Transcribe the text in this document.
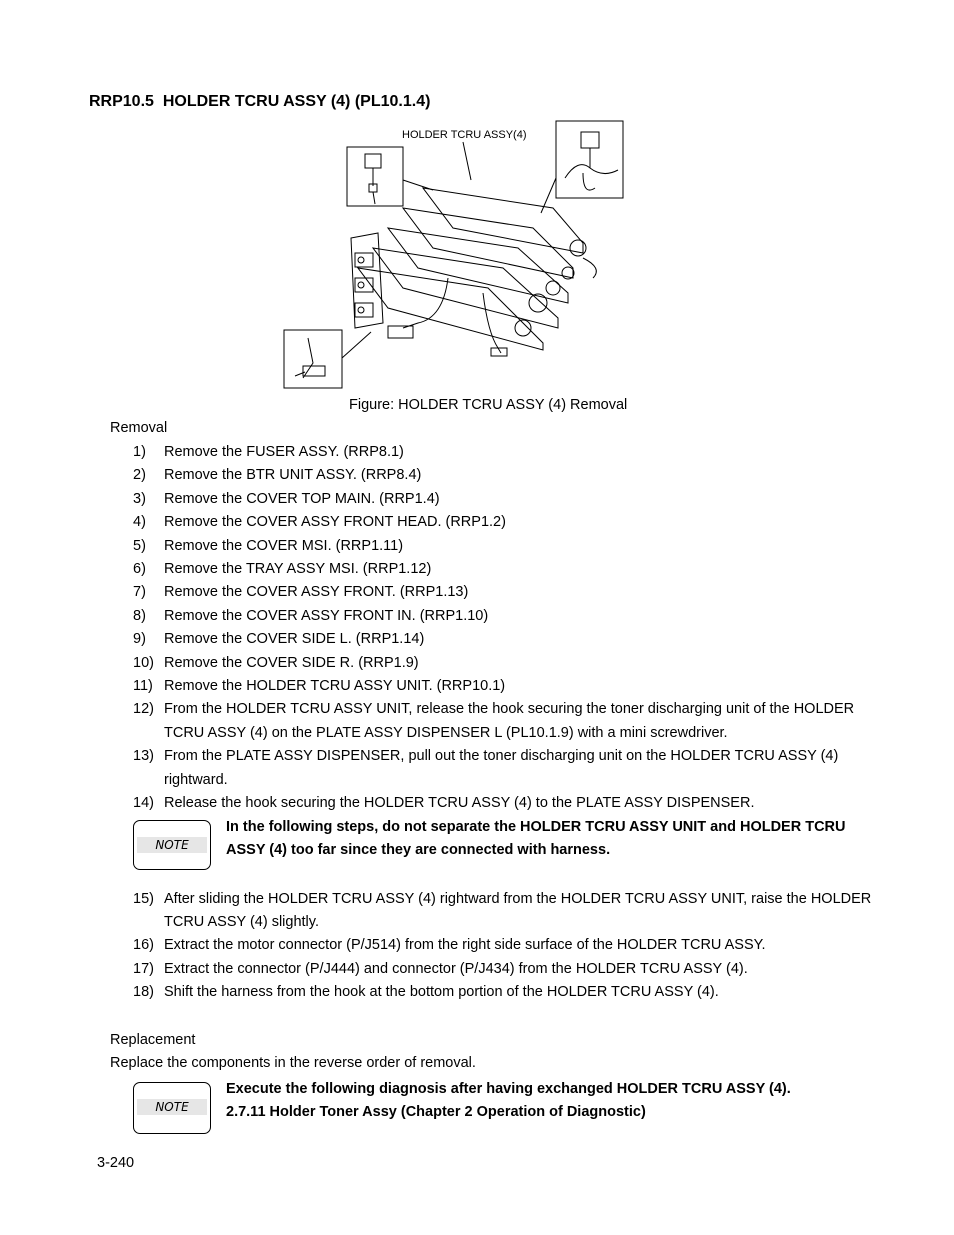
RRP10.5  HOLDER TCRU ASSY (4) (PL10.1.4)
HOLDER TCRU ASSY(4)
Figure: HOLDER TCRU ASSY (4) Removal
Removal
1) Remove the FUSER ASSY. (RRP8.1)
2) Remove the BTR UNIT ASSY. (RRP8.4)
3) Remove the COVER TOP MAIN. (RRP1.4)
4) Remove the COVER ASSY FRONT HEAD. (RRP1.2)
5) Remove the COVER MSI. (RRP1.11)
6) Remove the TRAY ASSY MSI. (RRP1.12)
7) Remove the COVER ASSY FRONT. (RRP1.13)
8) Remove the COVER ASSY FRONT IN. (RRP1.10)
9) Remove the COVER SIDE L. (RRP1.14)
10) Remove the COVER SIDE R. (RRP1.9)
11) Remove the HOLDER TCRU ASSY UNIT. (RRP10.1)
12) From the HOLDER TCRU ASSY UNIT, release the hook securing the toner discharging unit of the HOLDER TCRU ASSY (4) on the PLATE ASSY DISPENSER L (PL10.1.9) with a mini screwdriver.
13) From the PLATE ASSY DISPENSER, pull out the toner discharging unit on the HOLDER TCRU ASSY (4) rightward.
14) Release the hook securing the HOLDER TCRU ASSY (4) to the PLATE ASSY DISPENSER.
NOTE
In the following steps, do not separate the HOLDER TCRU ASSY UNIT and HOLDER TCRU ASSY (4) too far since they are connected with harness.
15) After sliding the HOLDER TCRU ASSY (4) rightward from the HOLDER TCRU ASSY UNIT, raise the HOLDER TCRU ASSY (4) slightly.
16) Extract the motor connector (P/J514) from the right side surface of the HOLDER TCRU ASSY.
17) Extract the connector (P/J444) and connector (P/J434) from the HOLDER TCRU ASSY (4).
18) Shift the harness from the hook at the bottom portion of the HOLDER TCRU ASSY (4).
Replacement
Replace the components in the reverse order of removal.
NOTE
Execute the following diagnosis after having exchanged HOLDER TCRU ASSY (4).
2.7.11 Holder Toner Assy (Chapter 2 Operation of Diagnostic)
3-240
